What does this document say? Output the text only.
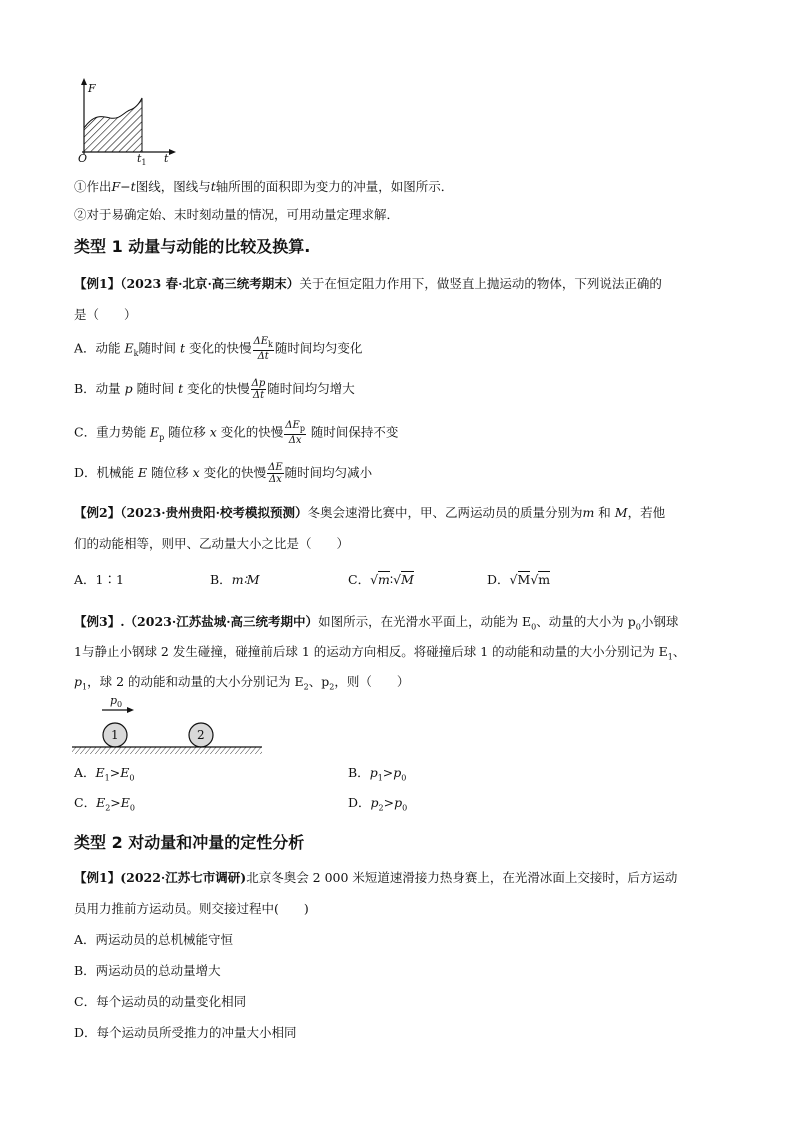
F
O	$t_1$ t
①作出F−t图线，图线与t轴所围的面积即为变力的冲量，如图所示．
②对于易确定始、末时刻动量的情况，可用动量定理求解．
类型 1 动量与动能的比较及换算.
【例1】（2023 春·北京·高三统考期末）关于在恒定阻力作用下，做竖直上抛运动的物体，下列说法正确的
是（　　）
A．动能 $E_k$随时间 t 变化的快慢 $\frac{\Delta E_k}{\Delta t}$ 随时间均匀变化
B．动量 p 随时间 t 变化的快慢 $\frac{\Delta p}{\Delta t}$ 随时间均匀增大
C．重力势能 $E_p$ 随位移 x 变化的快慢 $\frac{\Delta E_p}{\Delta x}$ 随时间保持不变
D．机械能 E 随位移 x 变化的快慢 $\frac{\Delta E}{\Delta x}$ 随时间均匀减小
【例2】（2023·贵州贵阳·校考模拟预测）冬奥会速滑比赛中，甲、乙两运动员的质量分别为m 和 M，若他
们的动能相等，则甲、乙动量大小之比是（　　）
A．1∶1	B．m∶M	C．√m∶√M	D．√M√m
【例3】.（2023·江苏盐城·高三统考期中）如图所示，在光滑水平面上，动能为 $E_0$、动量的大小为 $p_0$小钢球
1与静止小钢球 2 发生碰撞，碰撞前后球 1 的运动方向相反。将碰撞后球 1 的动能和动量的大小分别记为 $E_1$、
$p_1$，球 2 的动能和动量的大小分别记为 $E_2$、$p_2$，则（　　）
$p_0$
1	2
A．$E_1>E_0$	B．$p_1>p_0$
C．$E_2>E_0$	D．$p_2>p_0$
类型 2 对动量和冲量的定性分析
【例1】(2022·江苏七市调研)北京冬奥会 2 000 米短道速滑接力热身赛上，在光滑冰面上交接时，后方运动
员用力推前方运动员。则交接过程中(　　)
A．两运动员的总机械能守恒
B．两运动员的总动量增大
C．每个运动员的动量变化相同
D．每个运动员所受推力的冲量大小相同
